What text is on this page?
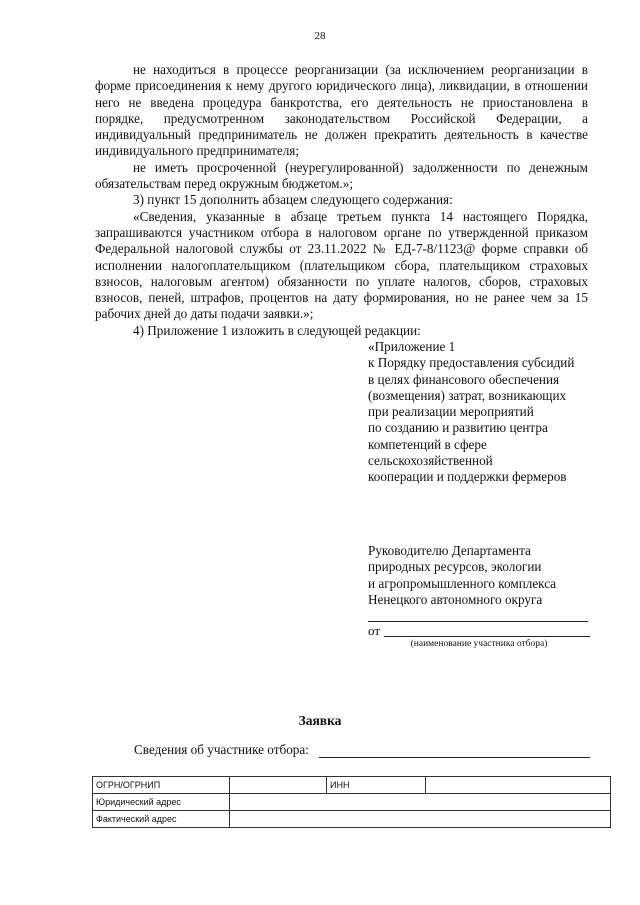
28

не находиться в процессе реорганизации (за исключением реорганизации в форме присоединения к нему другого юридического лица), ликвидации, в отношении него не введена процедура банкротства, его деятельность не приостановлена в порядке, предусмотренном законодательством Российской Федерации, а индивидуальный предприниматель не должен прекратить деятельность в качестве индивидуального предпринимателя;

не иметь просроченной (неурегулированной) задолженности по денежным обязательствам перед окружным бюджетом.»;

3) пункт 15 дополнить абзацем следующего содержания:

«Сведения, указанные в абзаце третьем пункта 14 настоящего Порядка, запрашиваются участником отбора в налоговом органе по утвержденной приказом Федеральной налоговой службы от 23.11.2022 № ЕД-7-8/1123@ форме справки об исполнении налогоплательщиком (плательщиком сбора, плательщиком страховых взносов, налоговым агентом) обязанности по уплате налогов, сборов, страховых взносов, пеней, штрафов, процентов на дату формирования, но не ранее чем за 15 рабочих дней до даты подачи заявки.»;

4) Приложение 1 изложить в следующей редакции:

«Приложение 1
к Порядку предоставления субсидий
в целях финансового обеспечения
(возмещения) затрат, возникающих
при реализации мероприятий
по созданию и развитию центра
компетенций в сфере
сельскохозяйственной
кооперации и поддержки фермеров
Руководителю Департамента
природных ресурсов, экологии
и агропромышленного комплекса
Ненецкого автономного округа
от
(наименование участника отбора)
Заявка
Сведения об участнике отбора:
ОГРН/ОГРНИП		ИНН	
Юридический адрес			
Фактический адрес			
